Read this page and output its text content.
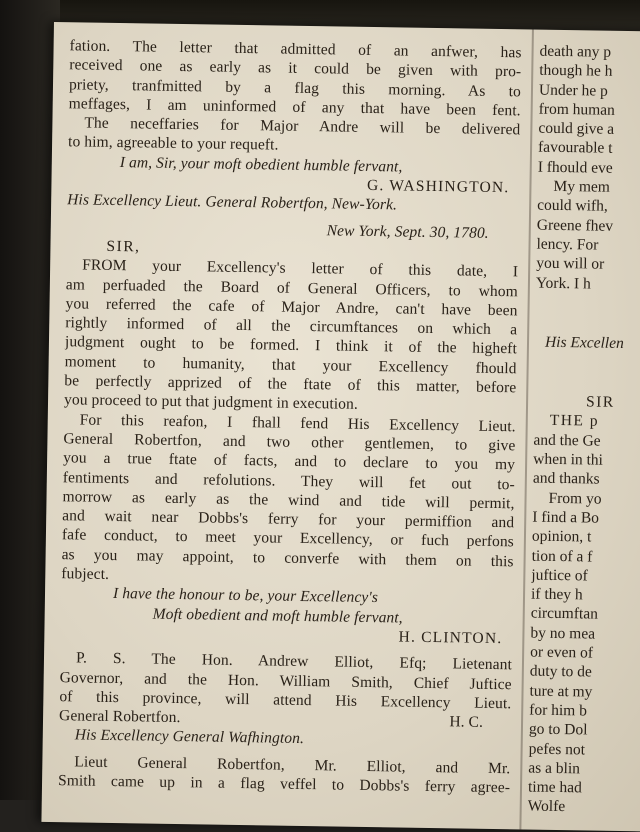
fation. The letter that admitted of an anfwer, has
received one as early as it could be given with pro-
priety, tranfmitted by a flag this morning. As to
meffages, I am uninformed of any that have been fent.
The neceffaries for Major Andre will be delivered
to him, agreeable to your requeft.
I am, Sir, your moft obedient humble fervant,
G. WASHINGTON.
His Excellency Lieut. General Robertfon, New-York.
New York, Sept. 30, 1780.
SIR,
FROM your Excellency's letter of this date, I
am perfuaded the Board of General Officers, to whom
you referred the cafe of Major Andre, can't have been
rightly informed of all the circumftances on which a
judgment ought to be formed. I think it of the higheft
moment to humanity, that your Excellency fhould
be perfectly apprized of the ftate of this matter, before
you proceed to put that judgment in execution.
For this reafon, I fhall fend His Excellency Lieut.
General Robertfon, and two other gentlemen, to give
you a true ftate of facts, and to declare to you my
fentiments and refolutions. They will fet out to-
morrow as early as the wind and tide will permit,
and wait near Dobbs's ferry for your permiffion and
fafe conduct, to meet your Excellency, or fuch perfons
as you may appoint, to converfe with them on this
fubject.
I have the honour to be, your Excellency's
Moft obedient and moft humble fervant,
H. CLINTON.
P. S. The Hon. Andrew Elliot, Efq; Lietenant
Governor, and the Hon. William Smith, Chief Juftice
of this province, will attend His Excellency Lieut.
General Robertfon.	H. C.
His Excellency General Wafhington.
Lieut General Robertfon, Mr. Elliot, and Mr.
Smith came up in a flag veffel to Dobbs's ferry agree-
death any p
though he h
Under he p
from human
could give a
favourable t
I fhould eve
My mem
could wifh,
Greene fhev
lency. For
you will or
York. I h
His Excellen
SIR
THE p
and the Ge
when in thi
and thanks
From yo
I find a Bo
opinion, t
tion of a f
juftice of
if they h
circumftan
by no mea
or even of
duty to de
ture at my
for him b
go to Dol
pefes not
as a blin
time had
Wolfe
